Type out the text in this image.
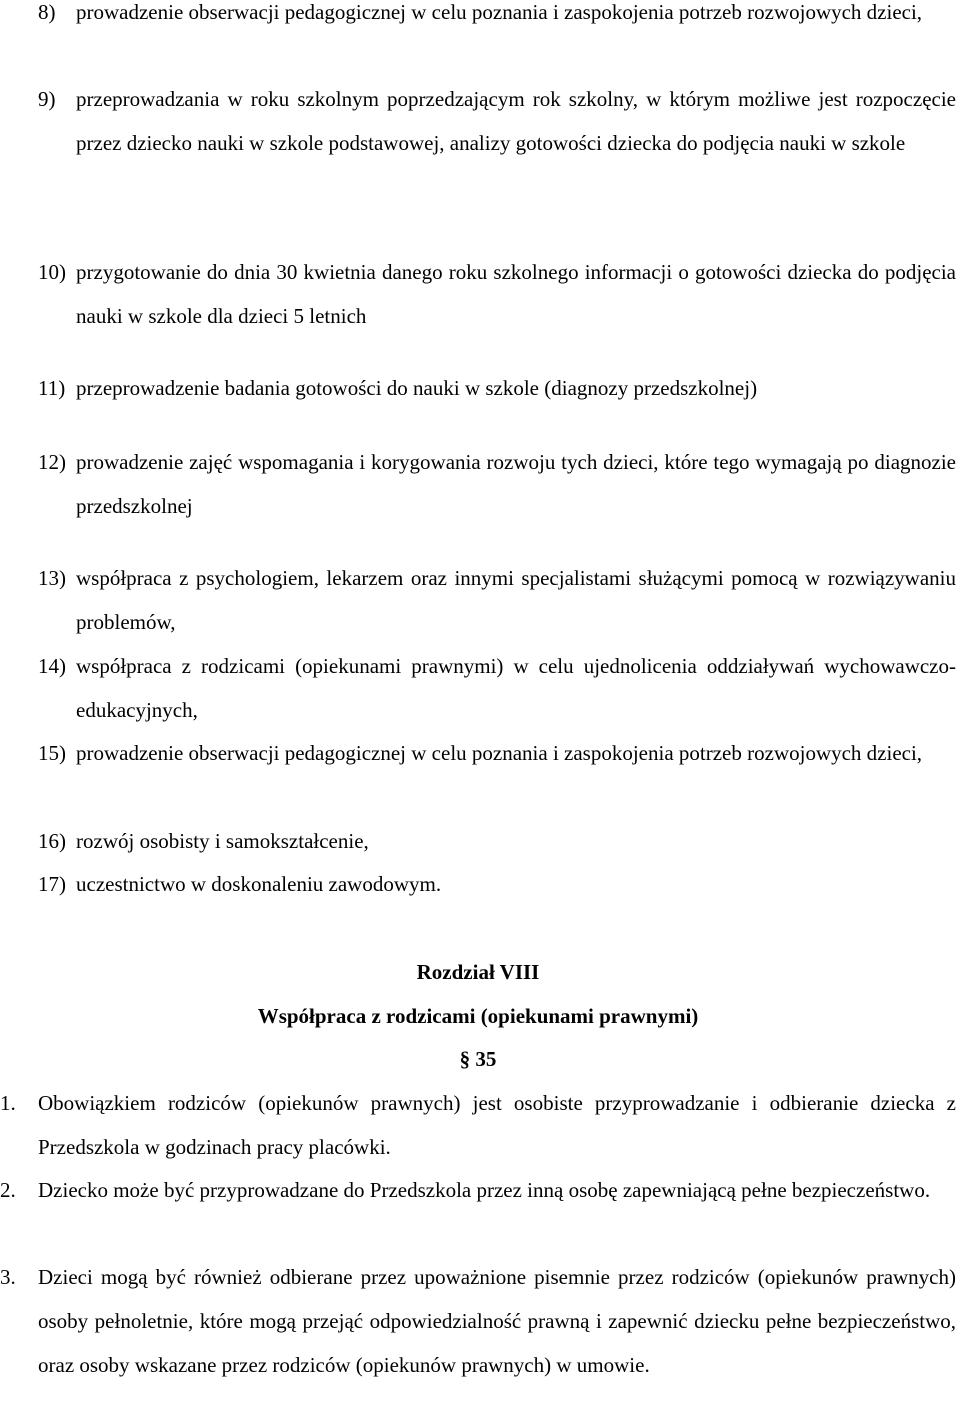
8) prowadzenie obserwacji pedagogicznej w celu poznania i zaspokojenia potrzeb rozwojowych dzieci,
9) przeprowadzania w roku szkolnym poprzedzającym rok szkolny, w którym możliwe jest rozpoczęcie przez dziecko nauki w szkole podstawowej, analizy gotowości dziecka do podjęcia nauki w szkole
10) przygotowanie do dnia 30 kwietnia danego roku szkolnego informacji o gotowości dziecka do podjęcia nauki w szkole dla dzieci 5 letnich
11) przeprowadzenie badania gotowości do nauki w szkole (diagnozy przedszkolnej)
12) prowadzenie zajęć wspomagania i korygowania rozwoju tych dzieci, które tego wymagają po diagnozie przedszkolnej
13) współpraca z psychologiem, lekarzem oraz innymi specjalistami służącymi pomocą w rozwiązywaniu problemów,
14) współpraca z rodzicami (opiekunami prawnymi) w celu ujednolicenia oddziaływań wychowawczo-edukacyjnych,
15) prowadzenie obserwacji pedagogicznej w celu poznania i zaspokojenia potrzeb rozwojowych dzieci,
16) rozwój osobisty i samokształcenie,
17) uczestnictwo w doskonaleniu zawodowym.
Rozdział VIII
Współpraca z rodzicami (opiekunami prawnymi)
§ 35
1. Obowiązkiem rodziców (opiekunów prawnych) jest osobiste przyprowadzanie i odbieranie dziecka z Przedszkola w godzinach pracy placówki.
2. Dziecko może być przyprowadzane do Przedszkola przez inną osobę zapewniającą pełne bezpieczeństwo.
3. Dzieci mogą być również odbierane przez upoważnione pisemnie przez rodziców (opiekunów prawnych) osoby pełnoletnie, które mogą przejąć odpowiedzialność prawną i zapewnić dziecku pełne bezpieczeństwo, oraz osoby wskazane przez rodziców (opiekunów prawnych) w umowie.
